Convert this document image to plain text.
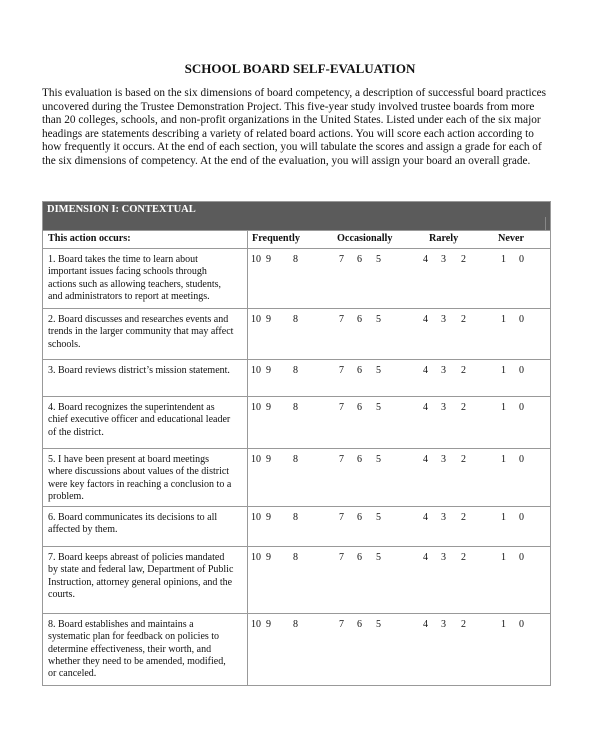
SCHOOL BOARD SELF-EVALUATION
This evaluation is based on the six dimensions of board competency, a description of successful board practices
uncovered during the Trustee Demonstration Project. This five-year study involved trustee boards from more
than 20 colleges, schools, and non-profit organizations in the United States. Listed under each of the six major
headings are statements describing a variety of related board actions. You will score each action according to
how frequently it occurs. At the end of each section, you will tabulate the scores and assign a grade for each of
the six dimensions of competency. At the end of the evaluation, you will assign your board an overall grade.
DIMENSION I: CONTEXTUAL
This action occurs:	Frequently	Occasionally	Rarely	Never
1. Board takes the time to learn about
important issues facing schools through
actions such as allowing teachers, students,
and administrators to report at meetings.
10 9 8	7 6 5	4 3 2	1 0
2. Board discusses and researches events and
trends in the larger community that may affect
schools.
10 9 8	7 6 5	4 3 2	1 0
3. Board reviews district’s mission statement.	10 9 8	7 6 5	4 3 2	1 0
4. Board recognizes the superintendent as
chief executive officer and educational leader
of the district.
10 9 8	7 6 5	4 3 2	1 0
5. I have been present at board meetings
where discussions about values of the district
were key factors in reaching a conclusion to a
problem.
10 9 8	7 6 5	4 3 2	1 0
6. Board communicates its decisions to all
affected by them.
10 9 8	7 6 5	4 3 2	1 0
7. Board keeps abreast of policies mandated
by state and federal law, Department of Public
Instruction, attorney general opinions, and the
courts.
10 9 8	7 6 5	4 3 2	1 0
8. Board establishes and maintains a
systematic plan for feedback on policies to
determine effectiveness, their worth, and
whether they need to be amended, modified,
or canceled.
10 9 8	7 6 5	4 3 2	1 0
